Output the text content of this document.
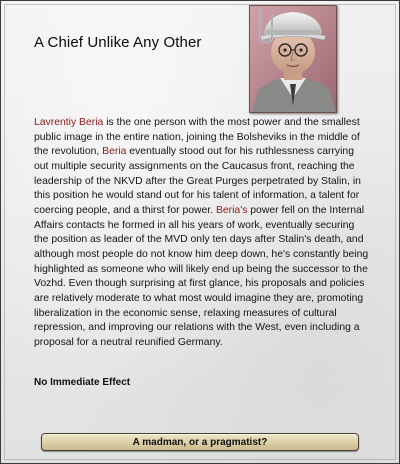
A Chief Unlike Any Other
Lavrentiy Beria is the one person with the most power and the smallest public image in the entire nation, joining the Bolsheviks in the middle of the revolution, Beria eventually stood out for his ruthlessness carrying out multiple security assignments on the Caucasus front, reaching the leadership of the NKVD after the Great Purges perpetrated by Stalin, in this position he would stand out for his talent of information, a talent for coercing people, and a thirst for power. Beria's power fell on the Internal Affairs contacts he formed in all his years of work, eventually securing the position as leader of the MVD only ten days after Stalin's death, and although most people do not know him deep down, he's constantly being highlighted as someone who will likely end up being the successor to the Vozhd. Even though surprising at first glance, his proposals and policies are relatively moderate to what most would imagine they are, promoting liberalization in the economic sense, relaxing measures of cultural repression, and improving our relations with the West, even including a proposal for a neutral reunified Germany.
No Immediate Effect
A madman, or a pragmatist?
